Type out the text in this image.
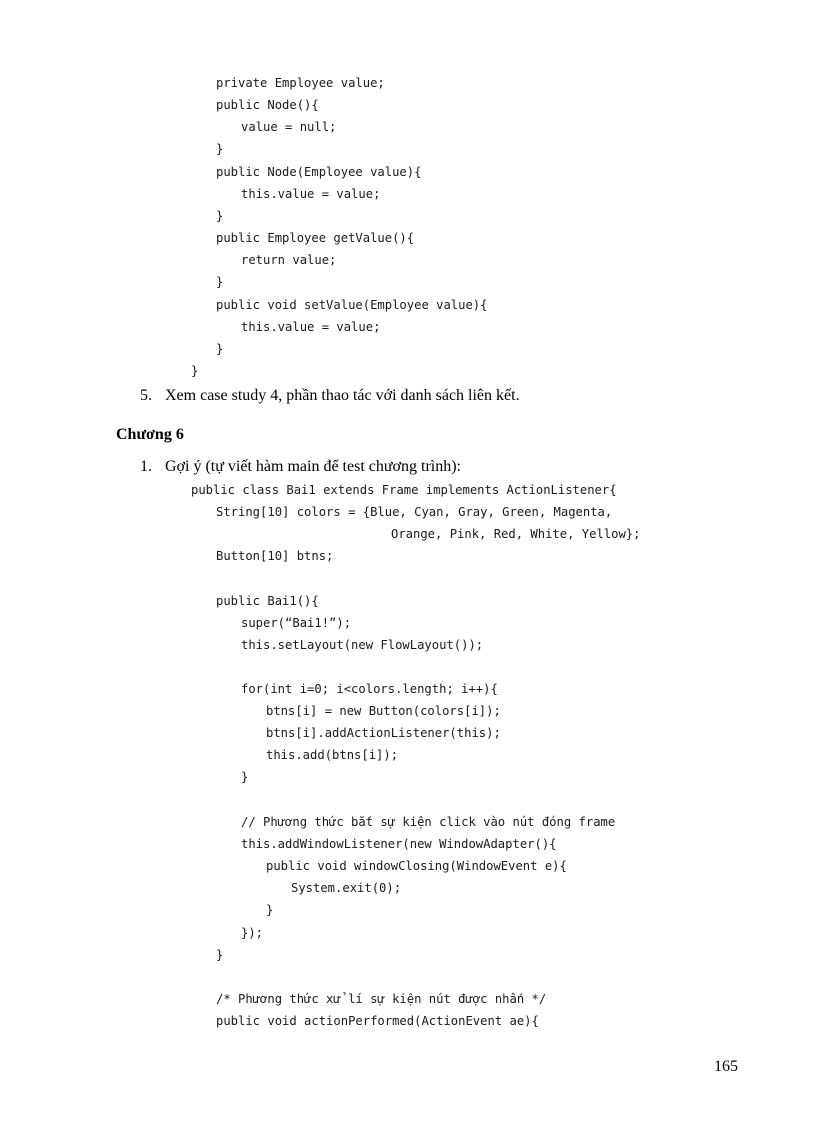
private Employee value;
public Node(){
value = null;
}
public Node(Employee value){
this.value = value;
}
public Employee getValue(){
return value;
}
public void setValue(Employee value){
this.value = value;
}
}
5. Xem case study 4, phần thao tác với danh sách liên kết.
Chương 6
1. Gợi ý (tự viết hàm main để test chương trình):
public class Bai1 extends Frame implements ActionListener{
String[10] colors = {Blue, Cyan, Gray, Green, Magenta,
Orange, Pink, Red, White, Yellow};
Button[10] btns;
public Bai1(){
super(“Bai1!”);
this.setLayout(new FlowLayout());
for(int i=0; i<colors.length; i++){
btns[i] = new Button(colors[i]);
btns[i].addActionListener(this);
this.add(btns[i]);
}
// Phương thức bắt sự kiện click vào nút đóng frame
this.addWindowListener(new WindowAdapter(){
public void windowClosing(WindowEvent e){
System.exit(0);
}
});
}
/* Phương thức xử lí sự kiện nút được nhấn */
public void actionPerformed(ActionEvent ae){
165
